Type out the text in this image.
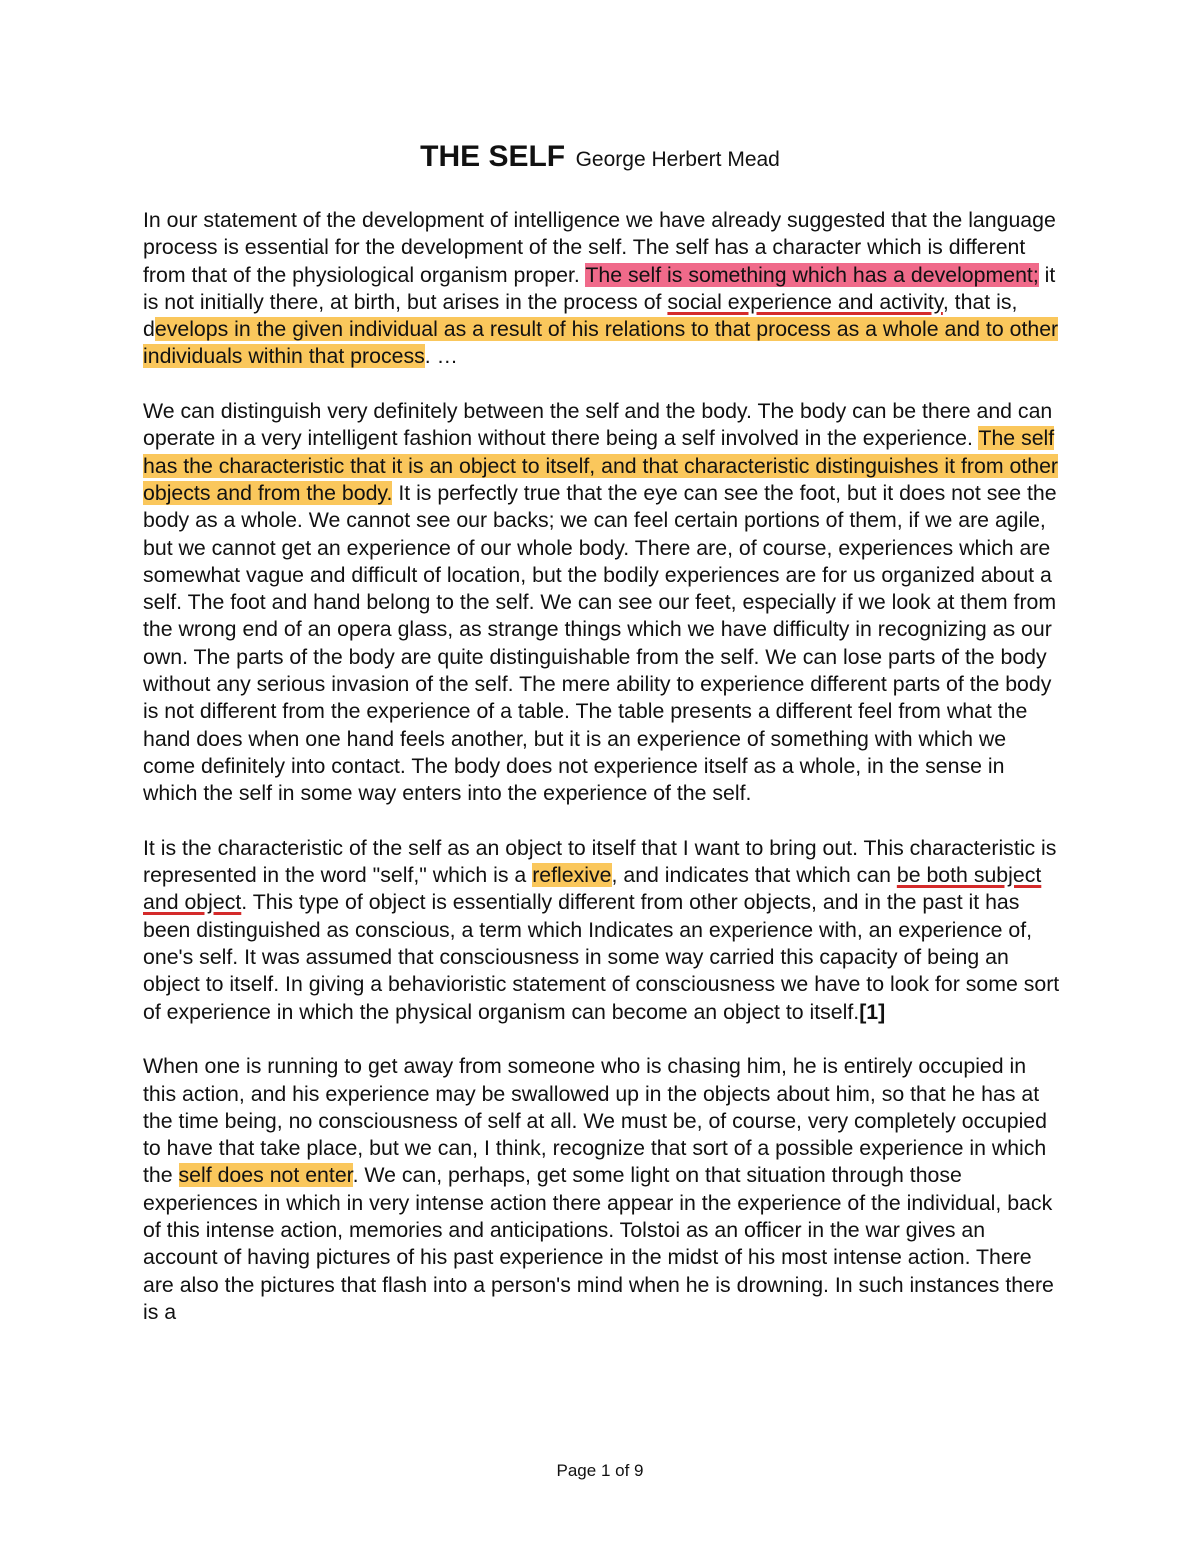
THE SELF George Herbert Mead

In our statement of the development of intelligence we have already suggested that the language process is essential for the development of the self. The self has a character which is different from that of the physiological organism proper. The self is something which has a development; it is not initially there, at birth, but arises in the process of social experience and activity, that is, develops in the given individual as a result of his relations to that process as a whole and to other individuals within that process. …

We can distinguish very definitely between the self and the body. The body can be there and can operate in a very intelligent fashion without there being a self involved in the experience. The self has the characteristic that it is an object to itself, and that characteristic distinguishes it from other objects and from the body. It is perfectly true that the eye can see the foot, but it does not see the body as a whole. We cannot see our backs; we can feel certain portions of them, if we are agile, but we cannot get an experience of our whole body. There are, of course, experiences which are somewhat vague and difficult of location, but the bodily experiences are for us organized about a self. The foot and hand belong to the self. We can see our feet, especially if we look at them from the wrong end of an opera glass, as strange things which we have difficulty in recognizing as our own. The parts of the body are quite distinguishable from the self. We can lose parts of the body without any serious invasion of the self. The mere ability to experience different parts of the body is not different from the experience of a table. The table presents a different feel from what the hand does when one hand feels another, but it is an experience of something with which we come definitely into contact. The body does not experience itself as a whole, in the sense in which the self in some way enters into the experience of the self.

It is the characteristic of the self as an object to itself that I want to bring out. This characteristic is represented in the word "self," which is a reflexive, and indicates that which can be both subject and object. This type of object is essentially different from other objects, and in the past it has been distinguished as conscious, a term which Indicates an experience with, an experience of, one's self. It was assumed that consciousness in some way carried this capacity of being an object to itself. In giving a behavioristic statement of consciousness we have to look for some sort of experience in which the physical organism can become an object to itself.[1]

When one is running to get away from someone who is chasing him, he is entirely occupied in this action, and his experience may be swallowed up in the objects about him, so that he has at the time being, no consciousness of self at all. We must be, of course, very completely occupied to have that take place, but we can, I think, recognize that sort of a possible experience in which the self does not enter. We can, perhaps, get some light on that situation through those experiences in which in very intense action there appear in the experience of the individual, back of this intense action, memories and anticipations. Tolstoi as an officer in the war gives an account of having pictures of his past experience in the midst of his most intense action. There are also the pictures that flash into a person's mind when he is drowning. In such instances there is a

Page 1 of 9
